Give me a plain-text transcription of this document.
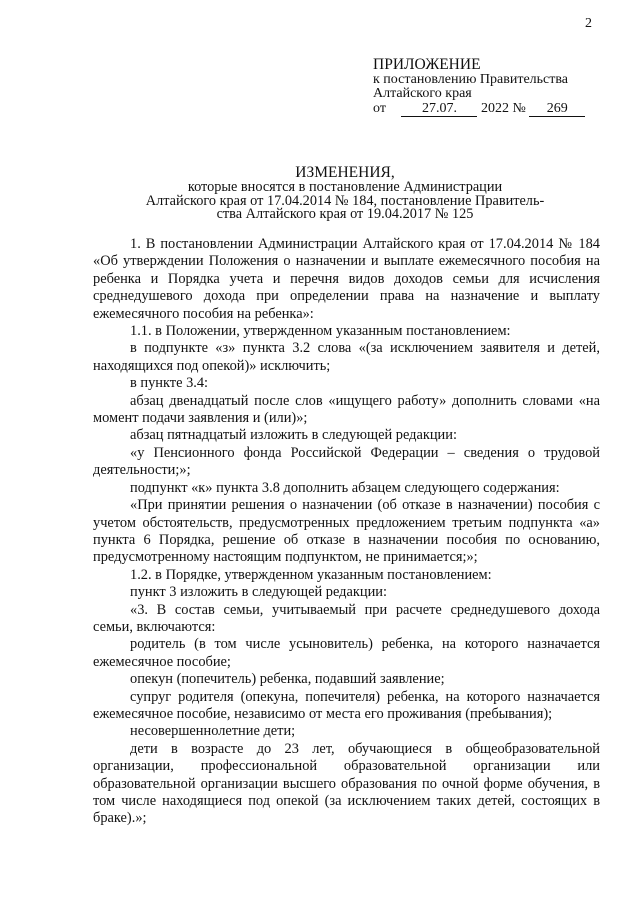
2
ПРИЛОЖЕНИЕ
к постановлению Правительства
Алтайского края
от	27.07. 2022 № 269
ИЗМЕНЕНИЯ,
которые вносятся в постановление Администрации
Алтайского края от 17.04.2014 № 184, постановление Правитель-
ства Алтайского края от 19.04.2017 № 125

1. В постановлении Администрации Алтайского края от 17.04.2014 № 184 «Об утверждении Положения о назначении и выплате ежемесячного пособия на ребенка и Порядка учета и перечня видов доходов семьи для исчисления среднедушевого дохода при определении права на назначение и выплату ежемесячного пособия на ребенка»:

1.1. в Положении, утвержденном указанным постановлением:

в подпункте «з» пункта 3.2 слова «(за исключением заявителя и детей, находящихся под опекой)» исключить;

в пункте 3.4:

абзац двенадцатый после слов «ищущего работу» дополнить словами «на момент подачи заявления и (или)»;

абзац пятнадцатый изложить в следующей редакции:

«у Пенсионного фонда Российской Федерации – сведения о трудовой деятельности;»;

подпункт «к» пункта 3.8 дополнить абзацем следующего содержания:

«При принятии решения о назначении (об отказе в назначении) пособия с учетом обстоятельств, предусмотренных предложением третьим подпункта «а» пункта 6 Порядка, решение об отказе в назначении пособия по основанию, предусмотренному настоящим подпунктом, не принимается;»;

1.2. в Порядке, утвержденном указанным постановлением:

пункт 3 изложить в следующей редакции:

«3. В состав семьи, учитываемый при расчете среднедушевого дохода семьи, включаются:

родитель (в том числе усыновитель) ребенка, на которого назначается ежемесячное пособие;

опекун (попечитель) ребенка, подавший заявление;

супруг родителя (опекуна, попечителя) ребенка, на которого назначается ежемесячное пособие, независимо от места его проживания (пребывания);

несовершеннолетние дети;

дети в возрасте до 23 лет, обучающиеся в общеобразовательной организации, профессиональной образовательной организации или образовательной организации высшего образования по очной форме обучения, в том числе находящиеся под опекой (за исключением таких детей, состоящих в браке).»;
